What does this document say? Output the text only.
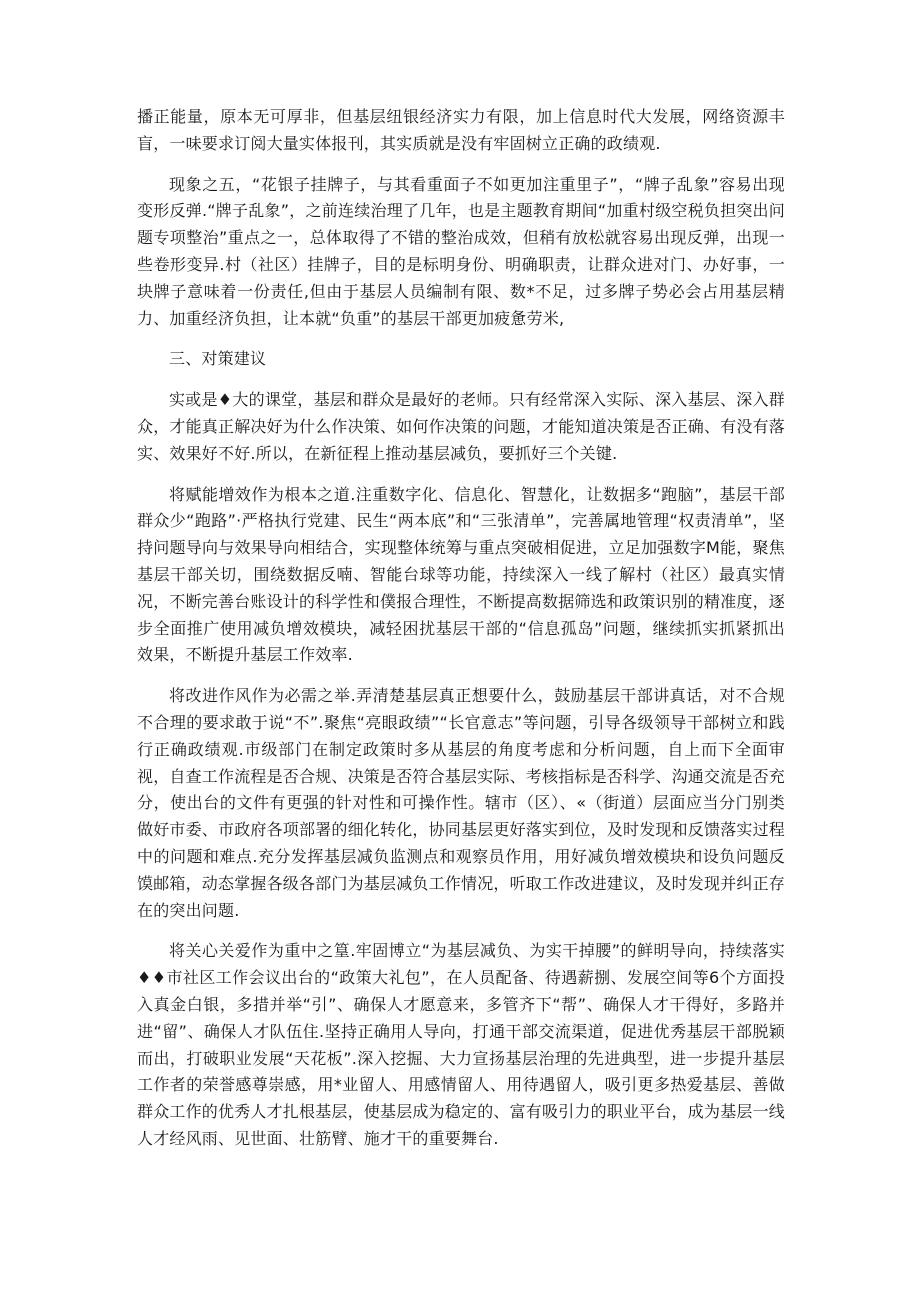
播正能量，原本无可厚非，但基层纽银经济实力有限，加上信息时代大发展，网络资源丰盲，一味要求订阅大量实体报刊，其实质就是没有牢固树立正确的政绩观.

现象之五，“花银子挂牌子，与其看重面子不如更加注重里子”，“牌子乱象”容易出现变形反弹.“牌子乱象”，之前连续治理了几年，也是主题教育期间“加重村级空税负担突出问题专项整治”重点之一，总体取得了不错的整治成效，但稍有放松就容易出现反弹，出现一些卷形变异.村（社区）挂牌子，目的是标明身份、明确职责，让群众进对门、办好事，一块牌子意味着一份责任,但由于基层人员编制有限、数*不足，过多牌子势必会占用基层精力、加重经济负担，让本就“负重”的基层干部更加疲惫劳米,

三、对策建议

实或是♦大的课堂，基层和群众是最好的老师。只有经常深入实际、深入基层、深入群众，才能真正解决好为什么作决策、如何作决策的问题，才能知道决策是否正确、有没有落实、效果好不好.所以，在新征程上推动基层减负，要抓好三个关键.

将赋能增效作为根本之道.注重数字化、信息化、智慧化，让数据多“跑脑”，基层干部群众少“跑路”·严格执行党建、民生“两本底”和“三张清单”，完善属地管理“权责清单”，坚持问题导向与效果导向相结合，实现整体统筹与重点突破相促进，立足加强数字M能，聚焦基层干部关切，围绕数据反喃、智能台球等功能，持续深入一线了解村（社区）最真实情况，不断完善台账设计的科学性和僕报合理性，不断提高数据筛选和政策识别的精准度，逐步全面推广使用减负增效模块，减轻困扰基层干部的“信息孤岛”问题，继续抓实抓紧抓出效果，不断提升基层工作效率.

将改进作风作为必需之举.弄清楚基层真正想要什么，鼓励基层干部讲真话，对不合规不合理的要求敢于说“不”.聚焦“亮眼政绩”“长官意志”等问题，引导各级领导干部树立和践行正确政绩观.市级部门在制定政策时多从基层的角度考虑和分析问题，自上而下全面审视，自查工作流程是否合规、决策是否符合基层实际、考核指标是否科学、沟通交流是否充分，使出台的文件有更强的针对性和可操作性。辖市（区）、«（街道）层面应当分门别类做好市委、市政府各项部署的细化转化，协同基层更好落实到位，及时发现和反馈落实过程中的问题和难点.充分发挥基层减负监测点和观察员作用，用好减负增效模块和设负问题反馍邮箱，动态掌握各级各部门为基层减负工作情况，听取工作改进建议，及时发现并纠正存在的突出问题.

将关心关爱作为重中之篁.牢固博立“为基层减负、为实干掉腰”的鲜明导向，持续落实♦♦市社区工作会议出台的“政策大礼包”，在人员配备、待遇薪捌、发展空间等6个方面投入真金白银，多措并举“引”、确保人才愿意来，多管齐下“帮”、确保人才干得好，多路并进“留”、确保人才队伍住.坚持正确用人导向，打通干部交流渠道，促进优秀基层干部脱颖而出，打破职业发展“天花板”.深入挖掘、大力宣扬基层治理的先进典型，进一步提升基层工作者的荣誉感尊崇感，用*业留人、用感情留人、用待遇留人，吸引更多热爱基层、善做群众工作的优秀人才扎根基层，使基层成为稳定的、富有吸引力的职业平台，成为基层一线人才经风雨、见世面、壮筋臂、施才干的重要舞台.
